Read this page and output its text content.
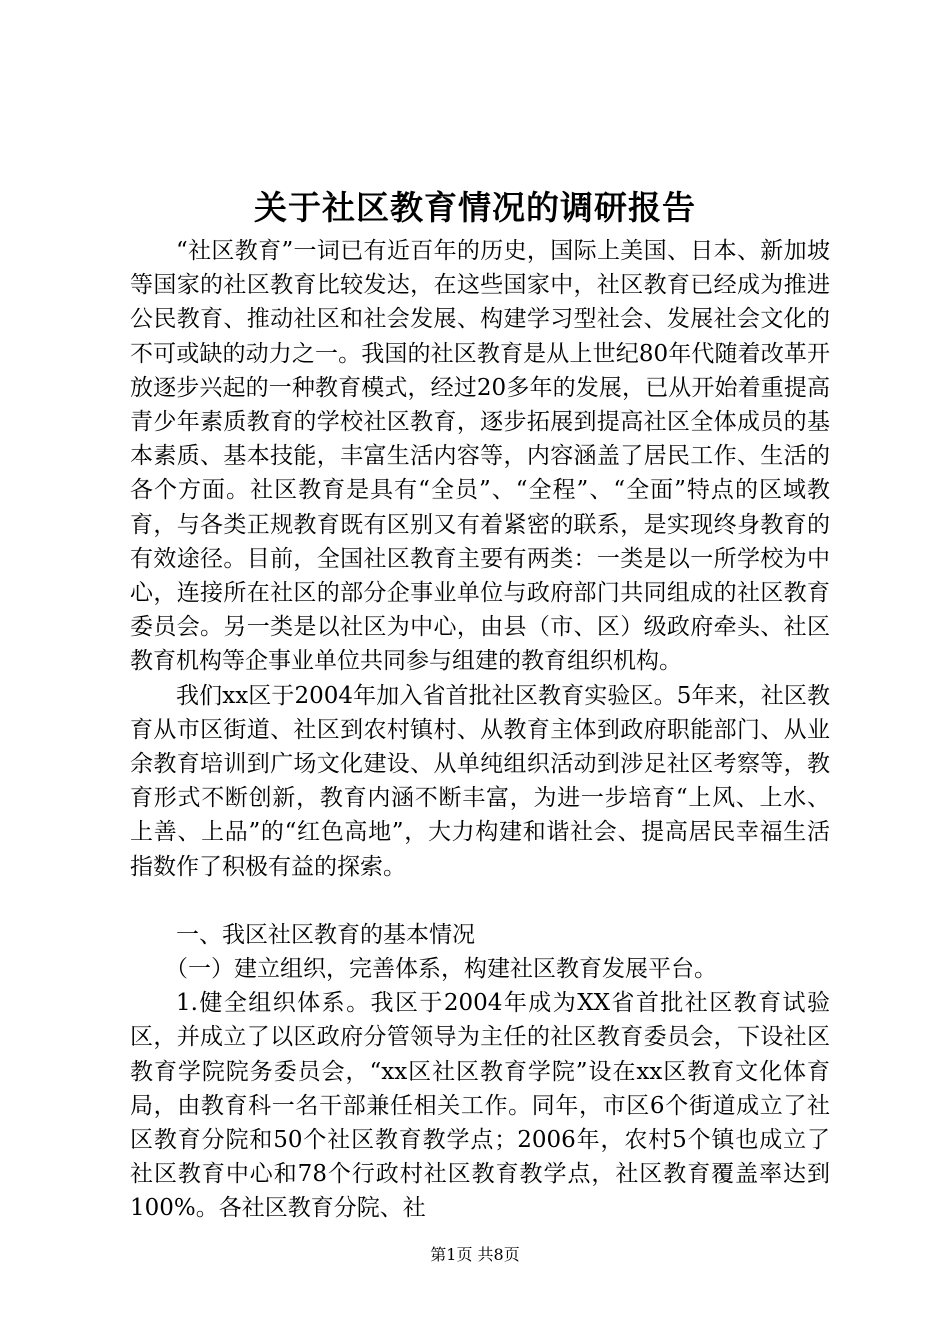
关于社区教育情况的调研报告

“社区教育”一词已有近百年的历史，国际上美国、日本、新加坡等国家的社区教育比较发达，在这些国家中，社区教育已经成为推进公民教育、推动社区和社会发展、构建学习型社会、发展社会文化的不可或缺的动力之一。我国的社区教育是从上世纪80年代随着改革开放逐步兴起的一种教育模式，经过20多年的发展，已从开始着重提高青少年素质教育的学校社区教育，逐步拓展到提高社区全体成员的基本素质、基本技能，丰富生活内容等，内容涵盖了居民工作、生活的各个方面。社区教育是具有“全员”、“全程”、“全面”特点的区域教育，与各类正规教育既有区别又有着紧密的联系，是实现终身教育的有效途径。目前，全国社区教育主要有两类：一类是以一所学校为中心，连接所在社区的部分企事业单位与政府部门共同组成的社区教育委员会。另一类是以社区为中心，由县（市、区）级政府牵头、社区教育机构等企事业单位共同参与组建的教育组织机构。

我们xx区于2004年加入省首批社区教育实验区。5年来，社区教育从市区街道、社区到农村镇村、从教育主体到政府职能部门、从业余教育培训到广场文化建设、从单纯组织活动到涉足社区考察等，教育形式不断创新，教育内涵不断丰富，为进一步培育“上风、上水、上善、上品”的“红色高地”，大力构建和谐社会、提高居民幸福生活指数作了积极有益的探索。

一、我区社区教育的基本情况

（一）建立组织，完善体系，构建社区教育发展平台。

1.健全组织体系。我区于2004年成为XX省首批社区教育试验区，并成立了以区政府分管领导为主任的社区教育委员会，下设社区教育学院院务委员会，“xx区社区教育学院”设在xx区教育文化体育局，由教育科一名干部兼任相关工作。同年，市区6个街道成立了社区教育分院和50个社区教育教学点；2006年，农村5个镇也成立了社区教育中心和78个行政村社区教育教学点，社区教育覆盖率达到100%。各社区教育分院、社

第1页 共8页
